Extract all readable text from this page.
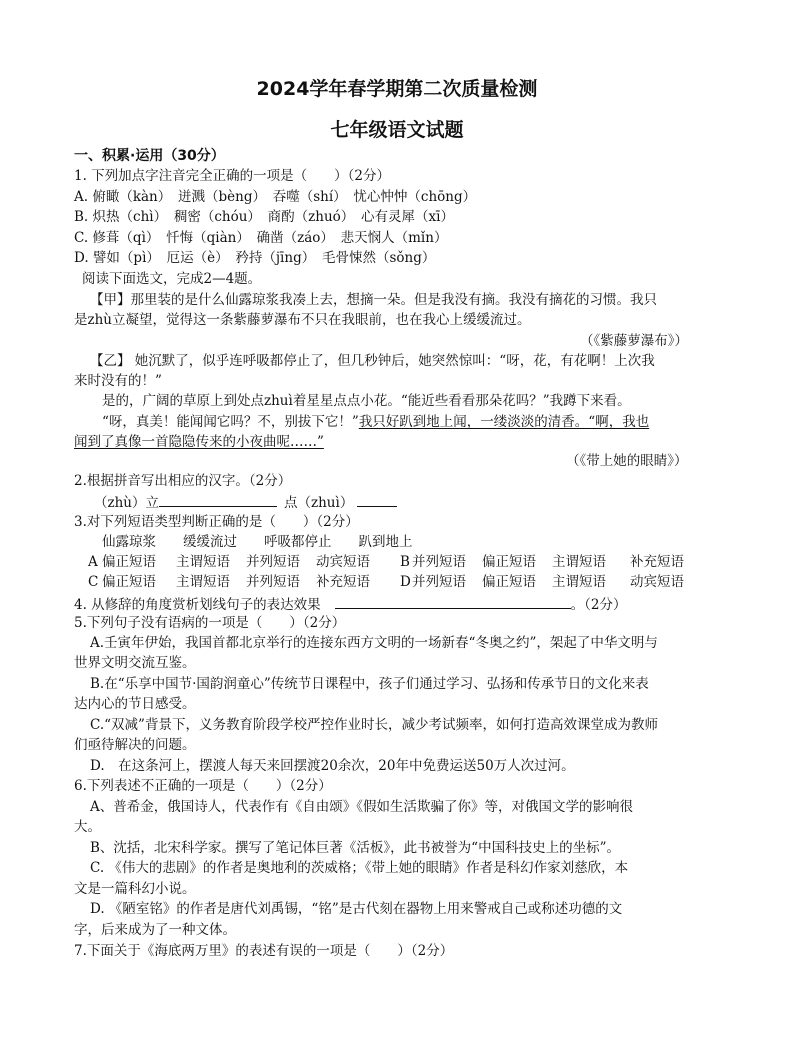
2024学年春学期第二次质量检测
七年级语文试题
一、积累·运用（30分）
1. 下列加点字注音完全正确的一项是（　　）（2分）
A. 俯瞰（kàn）　迸溅（bèng）　吞噬（shí）　忧心忡忡（chōng）
B. 炽热（chì）　稠密（chóu）　商酌（zhuó）　心有灵犀（xī）
C. 修葺（qì）　忏悔（qiàn）　确凿（záo）　悲天悯人（mǐn）
D. 譬如（pì）　厄运（è）　矜持（jīng）　毛骨悚然（sǒng）
阅读下面选文，完成2—4题。
【甲】那里装的是什么仙露琼浆我凑上去，想摘一朵。但是我没有摘。我没有摘花的习惯。我只
是zhù立凝望，觉得这一条紫藤萝瀑布不只在我眼前，也在我心上缓缓流过。
（《紫藤萝瀑布》）
【乙】 她沉默了，似乎连呼吸都停止了，但几秒钟后，她突然惊叫：“呀，花，有花啊！上次我
来时没有的！”
是的，广阔的草原上到处点zhuì着星星点点小花。“能近些看看那朵花吗？”我蹲下来看。
“呀，真美！能闻闻它吗？不，别拔下它！”我只好趴到地上闻，一缕淡淡的清香。“啊，我也
闻到了真像一首隐隐传来的小夜曲呢……”
（《带上她的眼睛》）
2.根据拼音写出相应的汉字。（2分）
（zhù）立	点（zhuì）
3.对下列短语类型判断正确的是（　　）（2分）
仙露琼浆　　缓缓流过　　呼吸都停止　　趴到地上
A 偏正短语 主谓短语 并列短语 动宾短语 B 并列短语 偏正短语 主谓短语 补充短语
C 偏正短语 主谓短语 并列短语 补充短语 D 并列短语 偏正短语 主谓短语 动宾短语
4. 从修辞的角度赏析划线句子的表达效果	。（2分）
5.下列句子没有语病的一项是（　　）（2分）
A.壬寅年伊始，我国首都北京举行的连接东西方文明的一场新春“冬奥之约”，架起了中华文明与
世界文明交流互鉴。
B.在“乐享中国节·国韵润童心”传统节日课程中，孩子们通过学习、弘扬和传承节日的文化来表
达内心的节日感受。
C.“双减”背景下，义务教育阶段学校严控作业时长，减少考试频率，如何打造高效课堂成为教师
们亟待解决的问题。
D.　在这条河上，摆渡人每天来回摆渡20余次，20年中免费运送50万人次过河。
6.下列表述不正确的一项是（　　）（2分）
A、普希金，俄国诗人，代表作有《自由颂》《假如生活欺骗了你》等，对俄国文学的影响很
大。
B、沈括，北宋科学家。撰写了笔记体巨著《活板》，此书被誉为“中国科技史上的坐标”。
C. 《伟大的悲剧》的作者是奥地利的茨威格；《带上她的眼睛》作者是科幻作家刘慈欣，本
文是一篇科幻小说。
D. 《陋室铭》的作者是唐代刘禹锡，“铭”是古代刻在器物上用来警戒自己或称述功德的文
字，后来成为了一种文体。
7.下面关于《海底两万里》的表述有误的一项是（　　）（2分）
